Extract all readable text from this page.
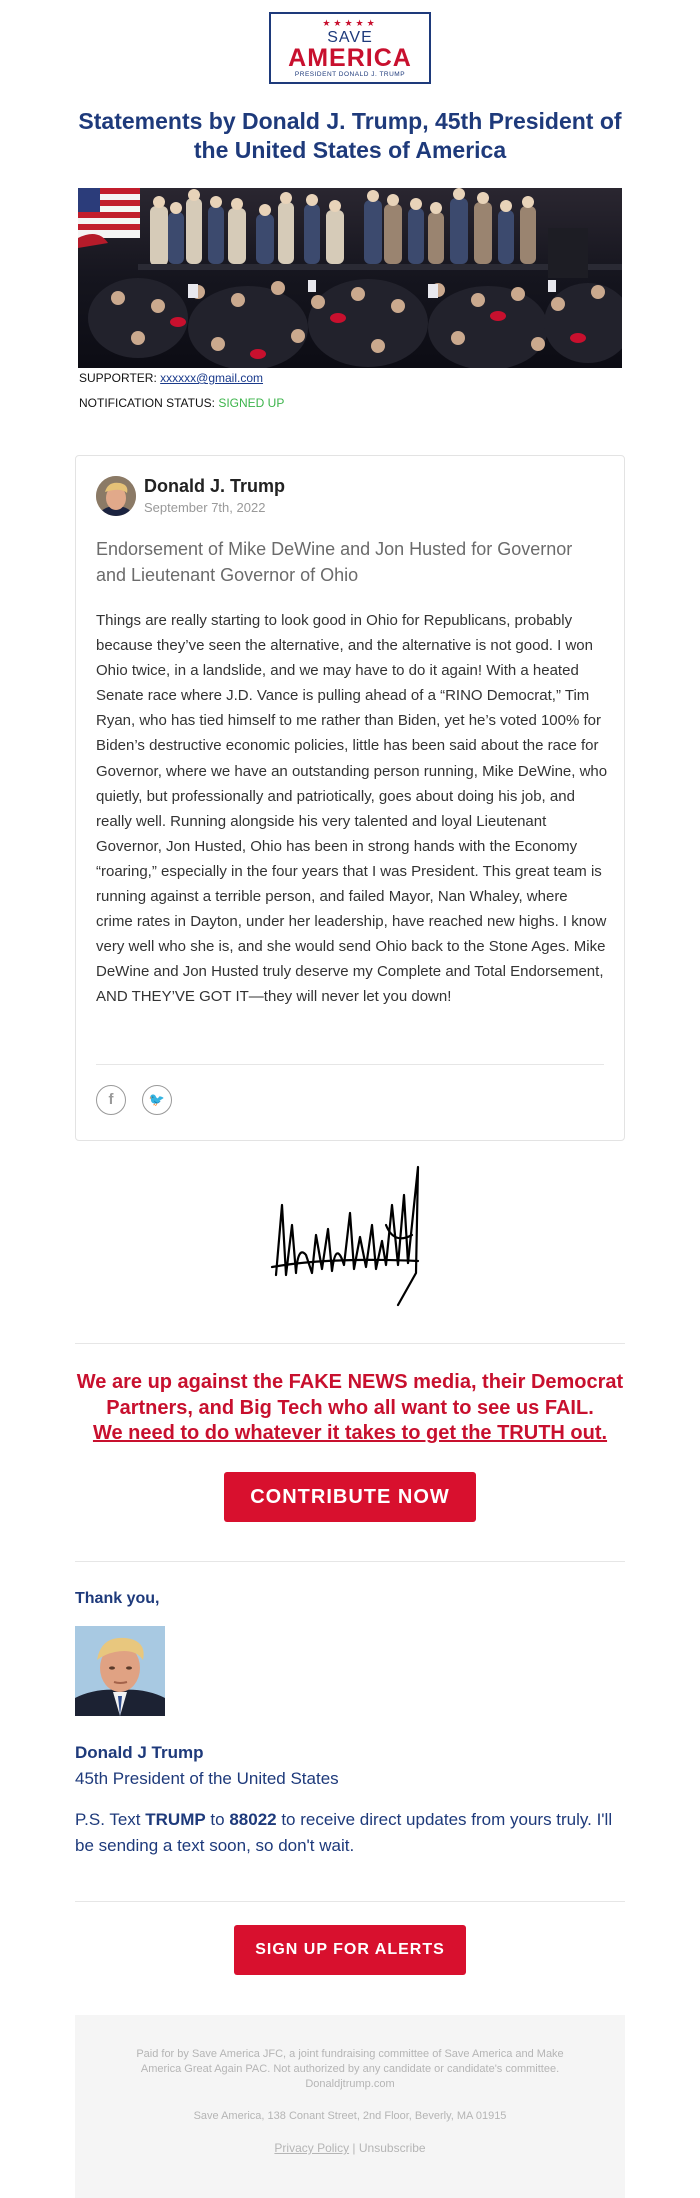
★★★★★
SAVE
AMERICA
PRESIDENT DONALD J. TRUMP
Statements by Donald J. Trump, 45th President of the United States of America
SUPPORTER: xxxxxx@gmail.com
NOTIFICATION STATUS: SIGNED UP
Donald J. Trump
September 7th, 2022
Endorsement of Mike DeWine and Jon Husted for Governor and Lieutenant Governor of Ohio
Things are really starting to look good in Ohio for Republicans, probably because they’ve seen the alternative, and the alternative is not good. I won Ohio twice, in a landslide, and we may have to do it again! With a heated Senate race where J.D. Vance is pulling ahead of a “RINO Democrat,” Tim Ryan, who has tied himself to me rather than Biden, yet he’s voted 100% for Biden’s destructive economic policies, little has been said about the race for Governor, where we have an outstanding person running, Mike DeWine, who quietly, but professionally and patriotically, goes about doing his job, and really well. Running alongside his very talented and loyal Lieutenant Governor, Jon Husted, Ohio has been in strong hands with the Economy “roaring,” especially in the four years that I was President. This great team is running against a terrible person, and failed Mayor, Nan Whaley, where crime rates in Dayton, under her leadership, have reached new highs. I know very well who she is, and she would send Ohio back to the Stone Ages. Mike DeWine and Jon Husted truly deserve my Complete and Total Endorsement, AND THEY’VE GOT IT—they will never let you down!
f	🐦
We are up against the FAKE NEWS media, their Democrat Partners, and Big Tech who all want to see us FAIL.
We need to do whatever it takes to get the TRUTH out.
CONTRIBUTE NOW
Thank you,
Donald J Trump
45th President of the United States
P.S. Text TRUMP to 88022 to receive direct updates from yours truly. I'll be sending a text soon, so don't wait.
SIGN UP FOR ALERTS
Paid for by Save America JFC, a joint fundraising committee of Save America and Make America Great Again PAC. Not authorized by any candidate or candidate's committee. Donaldjtrump.com
Save America, 138 Conant Street, 2nd Floor, Beverly, MA 01915
Privacy Policy | Unsubscribe
